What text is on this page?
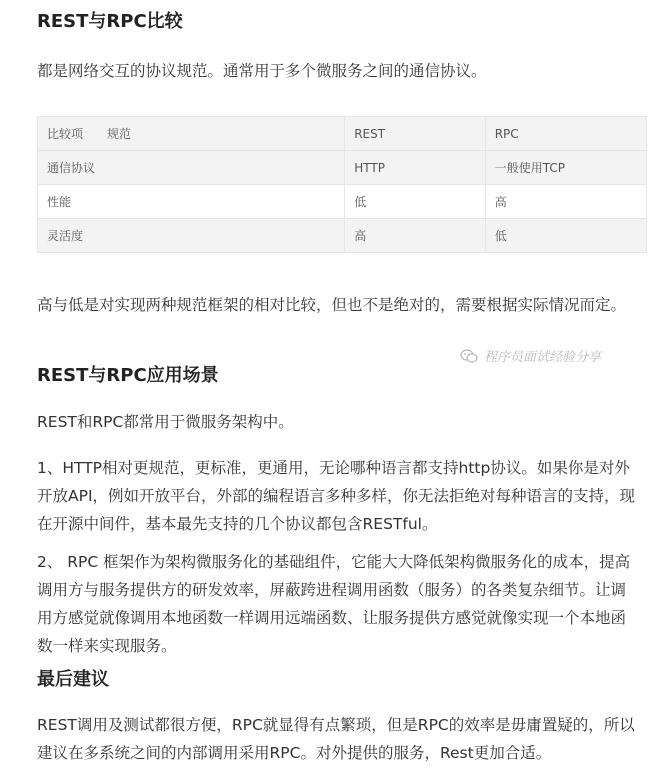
REST与RPC比较

都是网络交互的协议规范。通常用于多个微服务之间的通信协议。

比较项　　规范	REST	RPC
通信协议	HTTP	一般使用TCP
性能	低	高
灵活度	高	低
程序员面试经验分享

高与低是对实现两种规范框架的相对比较，但也不是绝对的，需要根据实际情况而定。

REST与RPC应用场景

REST和RPC都常用于微服务架构中。

1、HTTP相对更规范，更标准，更通用，无论哪种语言都支持http协议。如果你是对外开放API，例如开放平台，外部的编程语言多种多样，你无法拒绝对每种语言的支持，现在开源中间件，基本最先支持的几个协议都包含RESTful。

2、 RPC 框架作为架构微服务化的基础组件，它能大大降低架构微服务化的成本，提高调用方与服务提供方的研发效率，屏蔽跨进程调用函数（服务）的各类复杂细节。让调用方感觉就像调用本地函数一样调用远端函数、让服务提供方感觉就像实现一个本地函数一样来实现服务。

最后建议

REST调用及测试都很方便，RPC就显得有点繁琐，但是RPC的效率是毋庸置疑的，所以建议在多系统之间的内部调用采用RPC。对外提供的服务，Rest更加合适。
